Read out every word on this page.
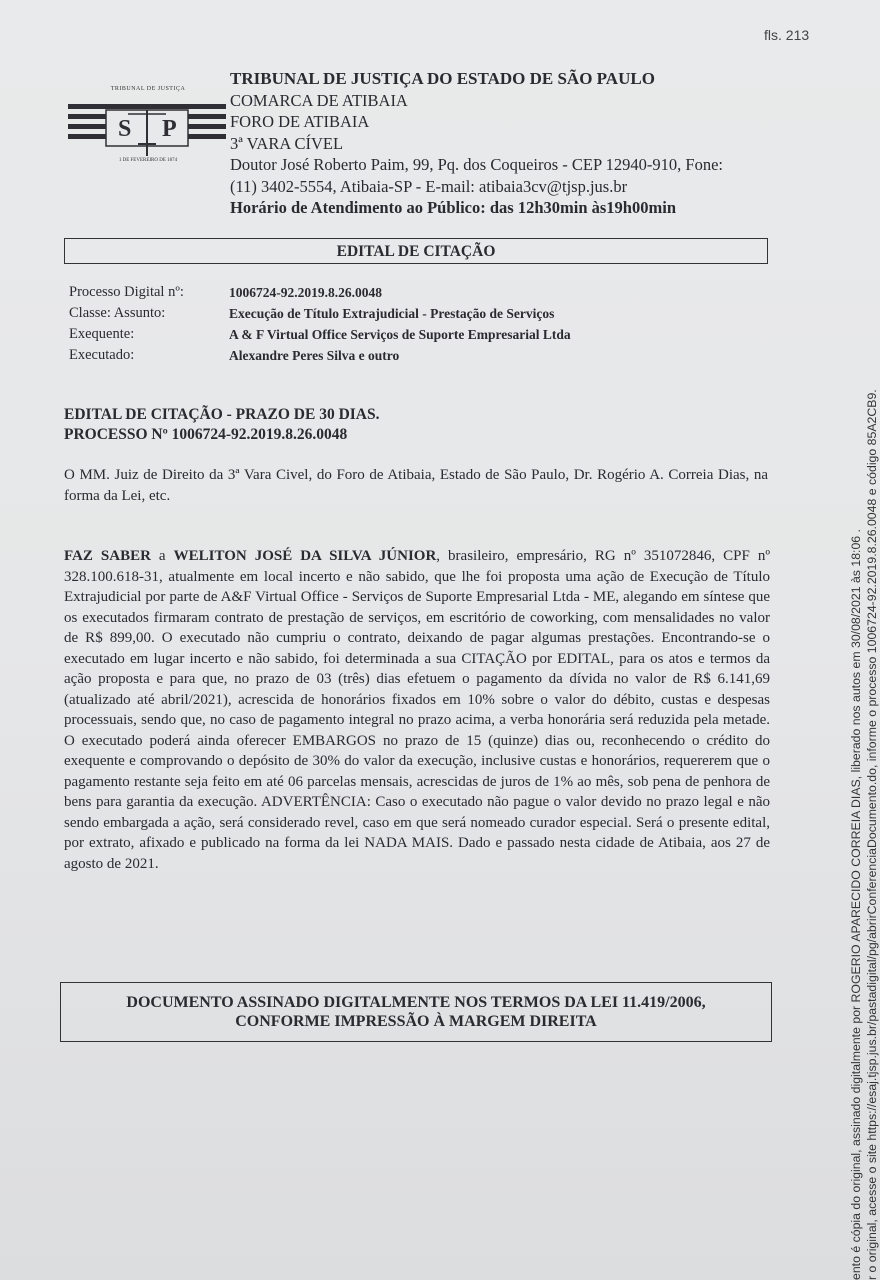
fls. 213
TRIBUNAL DE JUSTIÇA
S P
1 DE FEVEREIRO DE 1874
TRIBUNAL DE JUSTIÇA DO ESTADO DE SÃO PAULO
COMARCA DE ATIBAIA
FORO DE ATIBAIA
3ª VARA CÍVEL
Doutor José Roberto Paim, 99, Pq. dos Coqueiros - CEP 12940-910, Fone:
(11) 3402-5554, Atibaia-SP - E-mail: atibaia3cv@tjsp.jus.br
Horário de Atendimento ao Público: das 12h30min às19h00min
EDITAL DE CITAÇÃO
Processo Digital nº:	1006724-92.2019.8.26.0048
Classe: Assunto:	Execução de Título Extrajudicial - Prestação de Serviços
Exequente:	A & F Virtual Office Serviços de Suporte Empresarial Ltda
Executado:	Alexandre Peres Silva e outro
EDITAL DE CITAÇÃO - PRAZO DE 30 DIAS.
PROCESSO Nº 1006724-92.2019.8.26.0048
O MM. Juiz de Direito da 3ª Vara Civel, do Foro de Atibaia, Estado de São Paulo, Dr. Rogério A. Correia Dias, na forma da Lei, etc.
FAZ SABER a WELITON JOSÉ DA SILVA JÚNIOR, brasileiro, empresário, RG nº 351072846, CPF nº 328.100.618-31, atualmente em local incerto e não sabido, que lhe foi proposta uma ação de Execução de Título Extrajudicial por parte de A&F Virtual Office - Serviços de Suporte Empresarial Ltda - ME, alegando em síntese que os executados firmaram contrato de prestação de serviços, em escritório de coworking, com mensalidades no valor de R$ 899,00. O executado não cumpriu o contrato, deixando de pagar algumas prestações. Encontrando-se o executado em lugar incerto e não sabido, foi determinada a sua CITAÇÃO por EDITAL, para os atos e termos da ação proposta e para que, no prazo de 03 (três) dias efetuem o pagamento da dívida no valor de R$ 6.141,69 (atualizado até abril/2021), acrescida de honorários fixados em 10% sobre o valor do débito, custas e despesas processuais, sendo que, no caso de pagamento integral no prazo acima, a verba honorária será reduzida pela metade. O executado poderá ainda oferecer EMBARGOS no prazo de 15 (quinze) dias ou, reconhecendo o crédito do exequente e comprovando o depósito de 30% do valor da execução, inclusive custas e honorários, requererem que o pagamento restante seja feito em até 06 parcelas mensais, acrescidas de juros de 1% ao mês, sob pena de penhora de bens para garantia da execução. ADVERTÊNCIA: Caso o executado não pague o valor devido no prazo legal e não sendo embargada a ação, será considerado revel, caso em que será nomeado curador especial. Será o presente edital, por extrato, afixado e publicado na forma da lei NADA MAIS. Dado e passado nesta cidade de Atibaia, aos 27 de agosto de 2021.
DOCUMENTO ASSINADO DIGITALMENTE NOS TERMOS DA LEI 11.419/2006,
CONFORME IMPRESSÃO À MARGEM DIREITA	ento é cópia do original, assinado digitalmente por ROGERIO APARECIDO CORREIA DIAS, liberado nos autos em 30/08/2021 às 18:06 . r o original, acesse o site https://esaj.tjsp.jus.br/pastadigital/pg/abrirConferenciaDocumento.do, informe o processo 1006724-92.2019.8.26.0048 e código 85A2CB9.
